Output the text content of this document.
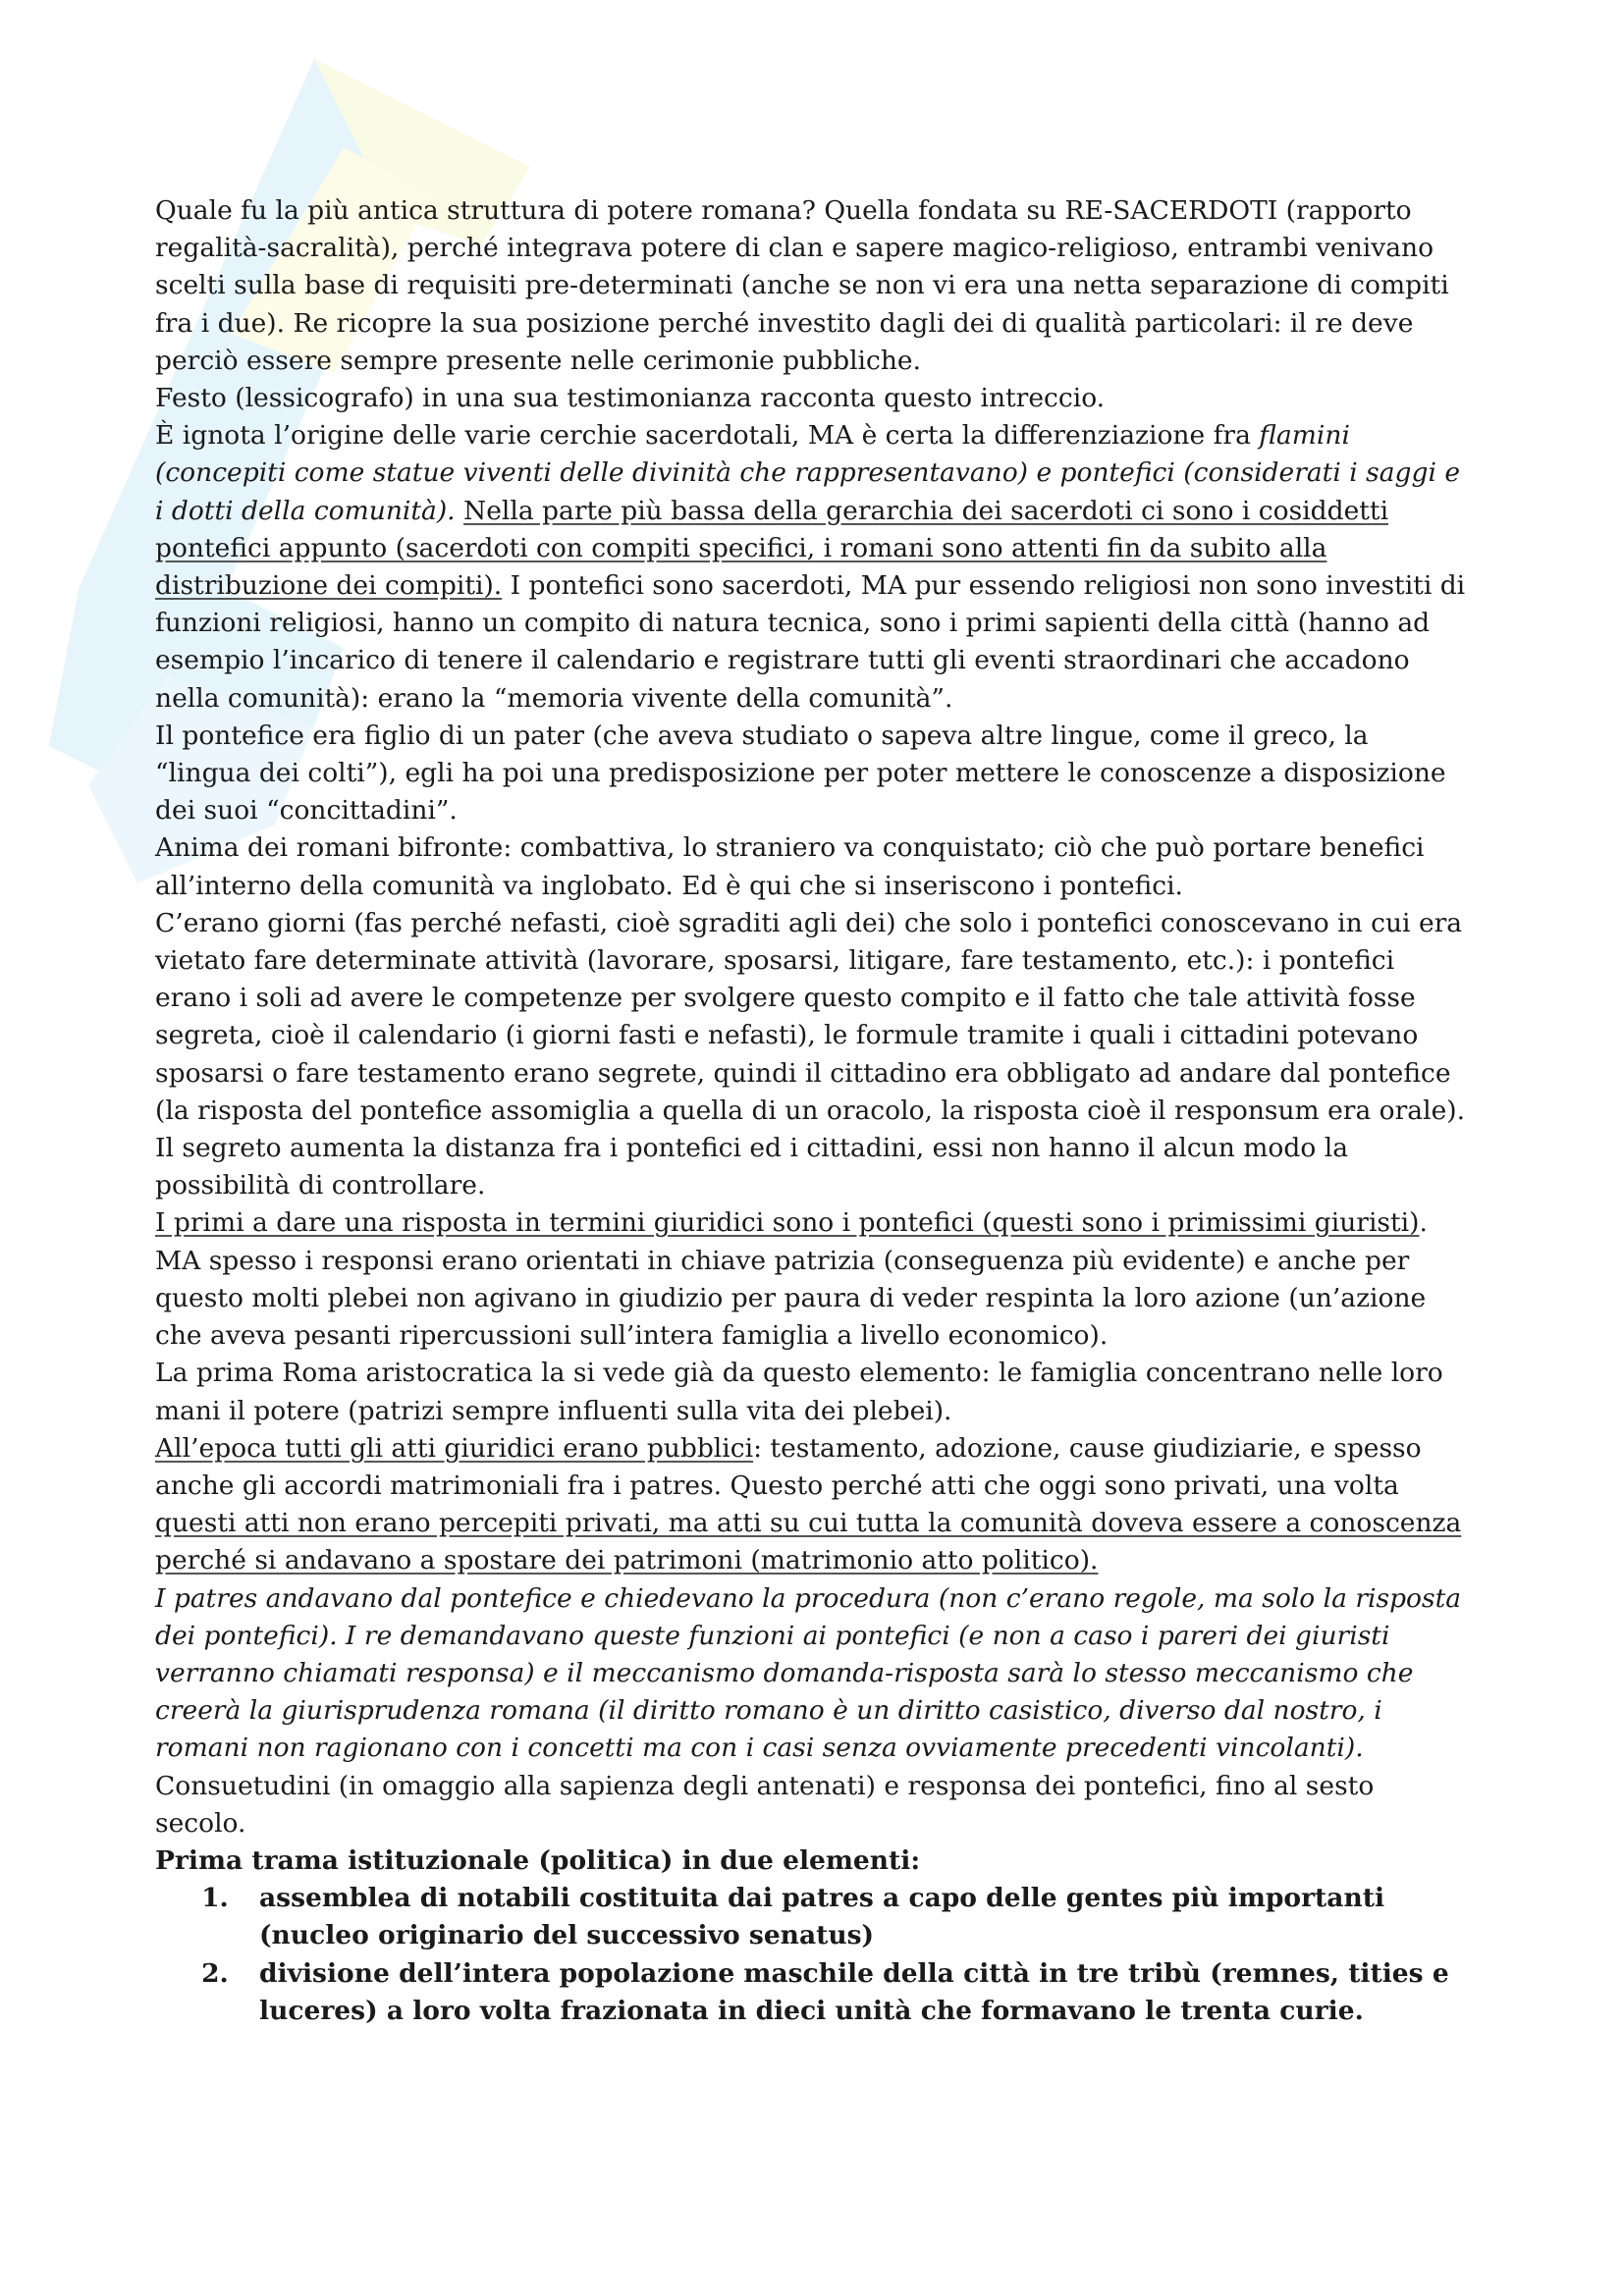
Quale fu la più antica struttura di potere romana? Quella fondata su RE-SACERDOTI (rapporto regalità-sacralità), perché integrava potere di clan e sapere magico-religioso, entrambi venivano scelti sulla base di requisiti pre-determinati (anche se non vi era una netta separazione di compiti fra i due). Re ricopre la sua posizione perché investito dagli dei di qualità particolari: il re deve perciò essere sempre presente nelle cerimonie pubbliche.

Festo (lessicografo) in una sua testimonianza racconta questo intreccio.

È ignota l’origine delle varie cerchie sacerdotali, MA è certa la differenziazione fra flamini (concepiti come statue viventi delle divinità che rappresentavano) e pontefici (considerati i saggi e i dotti della comunità). Nella parte più bassa della gerarchia dei sacerdoti ci sono i cosiddetti pontefici appunto (sacerdoti con compiti specifici, i romani sono attenti fin da subito alla distribuzione dei compiti). I pontefici sono sacerdoti, MA pur essendo religiosi non sono investiti di funzioni religiosi, hanno un compito di natura tecnica, sono i primi sapienti della città (hanno ad esempio l’incarico di tenere il calendario e registrare tutti gli eventi straordinari che accadono nella comunità): erano la “memoria vivente della comunità”.

Il pontefice era figlio di un pater (che aveva studiato o sapeva altre lingue, come il greco, la “lingua dei colti”), egli ha poi una predisposizione per poter mettere le conoscenze a disposizione dei suoi “concittadini”.

Anima dei romani bifronte: combattiva, lo straniero va conquistato; ciò che può portare benefici all’interno della comunità va inglobato. Ed è qui che si inseriscono i pontefici.

C’erano giorni (fas perché nefasti, cioè sgraditi agli dei) che solo i pontefici conoscevano in cui era vietato fare determinate attività (lavorare, sposarsi, litigare, fare testamento, etc.): i pontefici erano i soli ad avere le competenze per svolgere questo compito e il fatto che tale attività fosse segreta, cioè il calendario (i giorni fasti e nefasti), le formule tramite i quali i cittadini potevano sposarsi o fare testamento erano segrete, quindi il cittadino era obbligato ad andare dal pontefice (la risposta del pontefice assomiglia a quella di un oracolo, la risposta cioè il responsum era orale). Il segreto aumenta la distanza fra i pontefici ed i cittadini, essi non hanno il alcun modo la possibilità di controllare.

I primi a dare una risposta in termini giuridici sono i pontefici (questi sono i primissimi giuristi). MA spesso i responsi erano orientati in chiave patrizia (conseguenza più evidente) e anche per questo molti plebei non agivano in giudizio per paura di veder respinta la loro azione (un’azione che aveva pesanti ripercussioni sull’intera famiglia a livello economico).

La prima Roma aristocratica la si vede già da questo elemento: le famiglia concentrano nelle loro mani il potere (patrizi sempre influenti sulla vita dei plebei).

All’epoca tutti gli atti giuridici erano pubblici: testamento, adozione, cause giudiziarie, e spesso anche gli accordi matrimoniali fra i patres. Questo perché atti che oggi sono privati, una volta questi atti non erano percepiti privati, ma atti su cui tutta la comunità doveva essere a conoscenza perché si andavano a spostare dei patrimoni (matrimonio atto politico).

I patres andavano dal pontefice e chiedevano la procedura (non c’erano regole, ma solo la risposta dei pontefici). I re demandavano queste funzioni ai pontefici (e non a caso i pareri dei giuristi verranno chiamati responsa) e il meccanismo domanda-risposta sarà lo stesso meccanismo che creerà la giurisprudenza romana (il diritto romano è un diritto casistico, diverso dal nostro, i romani non ragionano con i concetti ma con i casi senza ovviamente precedenti vincolanti).

Consuetudini (in omaggio alla sapienza degli antenati) e responsa dei pontefici, fino al sesto secolo.

Prima trama istituzionale (politica) in due elementi:

1. assemblea di notabili costituita dai patres a capo delle gentes più importanti (nucleo originario del successivo senatus)
2. divisione dell’intera popolazione maschile della città in tre tribù (remnes, tities e luceres) a loro volta frazionata in dieci unità che formavano le trenta curie.
